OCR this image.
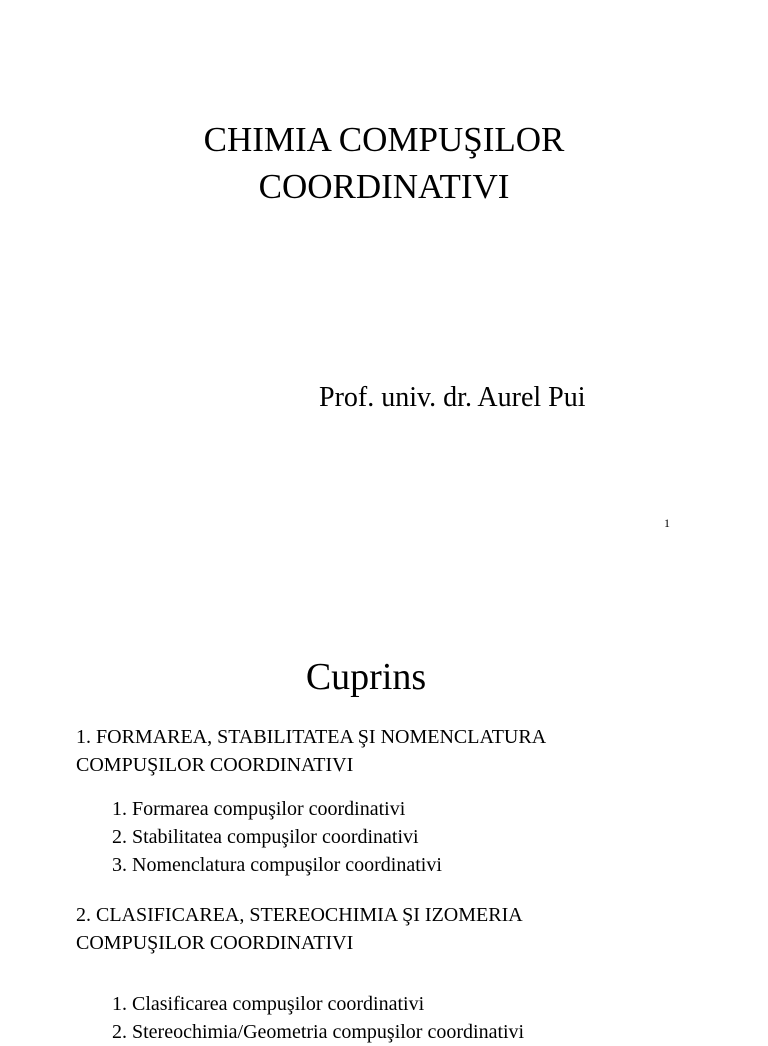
CHIMIA COMPUŞILOR
COORDINATIVI

Prof. univ. dr. Aurel Pui

1
Cuprins
1. FORMAREA, STABILITATEA ŞI NOMENCLATURA
COMPUŞILOR COORDINATIVI
1. Formarea compuşilor coordinativi
2. Stabilitatea compuşilor coordinativi
3. Nomenclatura compuşilor coordinativi
2. CLASIFICAREA, STEREOCHIMIA ŞI IZOMERIA
COMPUŞILOR COORDINATIVI
1. Clasificarea compuşilor coordinativi
2. Stereochimia/Geometria compuşilor coordinativi
